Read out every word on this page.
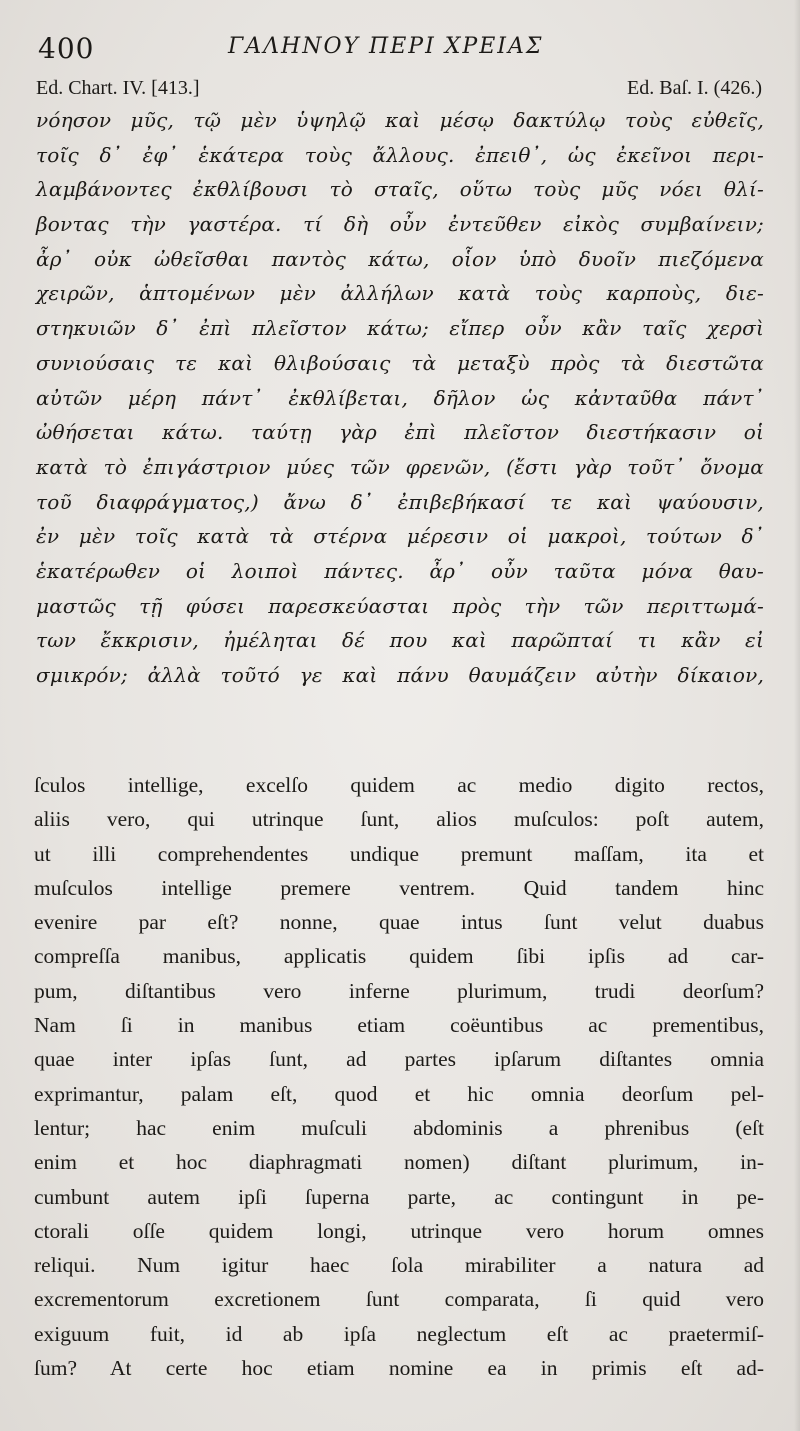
400	ΓΑΛΗΝΟΥ ΠΕΡΙ ΧΡΕΙΑΣ
Ed. Chart. IV. [413.]	Ed. Baſ. I. (426.)
νόησον μῦς, τῷ μὲν ὑψηλῷ καὶ μέσῳ δακτύλῳ τοὺς εὐθεῖς,
τοῖς δ᾽ ἐφ᾽ ἑκάτερα τοὺς ἄλλους. ἐπειθ᾽, ὡς ἐκεῖνοι περι-
λαμβάνοντες ἐκθλίβουσι τὸ σταῖς, οὕτω τοὺς μῦς νόει θλί-
βοντας τὴν γαστέρα. τί δὴ οὖν ἐντεῦθεν εἰκὸς συμβαίνειν;
ἆρ᾽ οὐκ ὠθεῖσθαι παντὸς κάτω, οἷον ὑπὸ δυοῖν πιεζόμενα
χειρῶν, ἁπτομένων μὲν ἀλλήλων κατὰ τοὺς καρποὺς, διε-
στηκυιῶν δ᾽ ἐπὶ πλεῖστον κάτω; εἴπερ οὖν κἂν ταῖς χερσὶ
συνιούσαις τε καὶ θλιβούσαις τὰ μεταξὺ πρὸς τὰ διεστῶτα
αὐτῶν μέρη πάντ᾽ ἐκθλίβεται, δῆλον ὡς κἀνταῦθα πάντ᾽
ὠθήσεται κάτω. ταύτῃ γὰρ ἐπὶ πλεῖστον διεστήκασιν οἱ
κατὰ τὸ ἐπιγάστριον μύες τῶν φρενῶν, (ἔστι γὰρ τοῦτ᾽ ὄνομα
τοῦ διαφράγματος,) ἄνω δ᾽ ἐπιβεβήκασί τε καὶ ψαύουσιν,
ἐν μὲν τοῖς κατὰ τὰ στέρνα μέρεσιν οἱ μακροὶ, τούτων δ᾽
ἑκατέρωθεν οἱ λοιποὶ πάντες. ἆρ᾽ οὖν ταῦτα μόνα θαυ-
μαστῶς τῇ φύσει παρεσκεύασται πρὸς τὴν τῶν περιττωμά-
των ἔκκρισιν, ἠμέληται δέ που καὶ παρῶπταί τι κἂν εἰ
σμικρόν; ἀλλὰ τοῦτό γε καὶ πάνυ θαυμάζειν αὐτὴν δίκαιον,
ſculos intellige, excelſo quidem ac medio digito rectos,
aliis vero, qui utrinque ſunt, alios muſculos: poſt autem,
ut illi comprehendentes undique premunt maſſam, ita et
muſculos intellige premere ventrem. Quid tandem hinc
evenire par eſt? nonne, quae intus ſunt velut duabus
compreſſa manibus, applicatis quidem ſibi ipſis ad car-
pum, diſtantibus vero inferne plurimum, trudi deorſum?
Nam ſi in manibus etiam coëuntibus ac prementibus,
quae inter ipſas ſunt, ad partes ipſarum diſtantes omnia
exprimantur, palam eſt, quod et hic omnia deorſum pel-
lentur; hac enim muſculi abdominis a phrenibus (eſt
enim et hoc diaphragmati nomen) diſtant plurimum, in-
cumbunt autem ipſi ſuperna parte, ac contingunt in pe-
ctorali oſſe quidem longi, utrinque vero horum omnes
reliqui. Num igitur haec ſola mirabiliter a natura ad
excrementorum excretionem ſunt comparata, ſi quid vero
exiguum fuit, id ab ipſa neglectum eſt ac praetermiſ-
ſum? At certe hoc etiam nomine ea in primis eſt ad-
